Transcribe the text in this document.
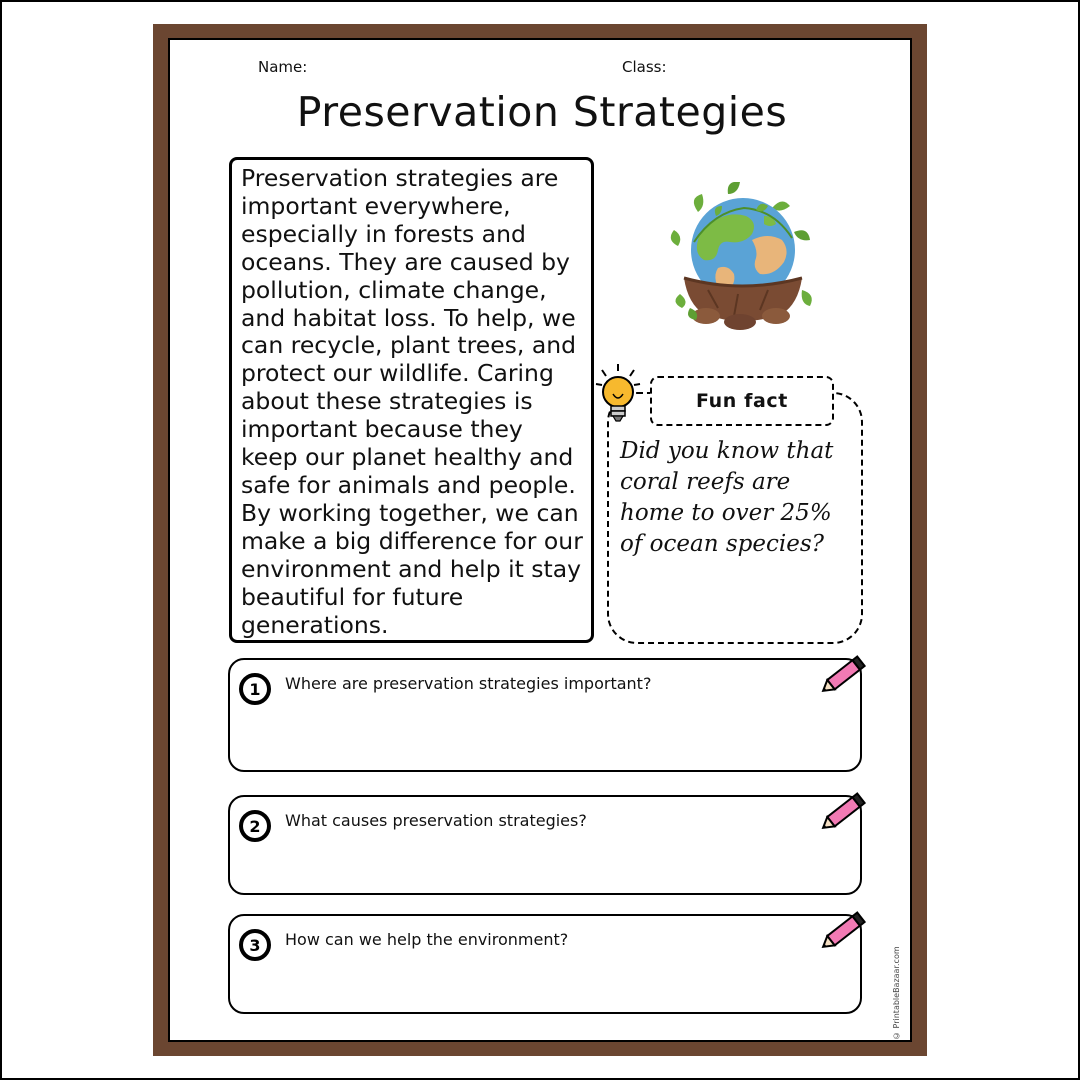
Name:	Class:
Preservation Strategies
Preservation strategies are important everywhere, especially in forests and oceans. They are caused by pollution, climate change, and habitat loss. To help, we can recycle, plant trees, and protect our wildlife. Caring about these strategies is important because they keep our planet healthy and safe for animals and people. By working together, we can make a big difference for our environment and help it stay beautiful for future generations.
Fun fact
Did you know that coral reefs are home to over 25% of ocean species?
1	Where are preservation strategies important?
2	What causes preservation strategies?
3	How can we help the environment?
© PrintableBazaar.com
